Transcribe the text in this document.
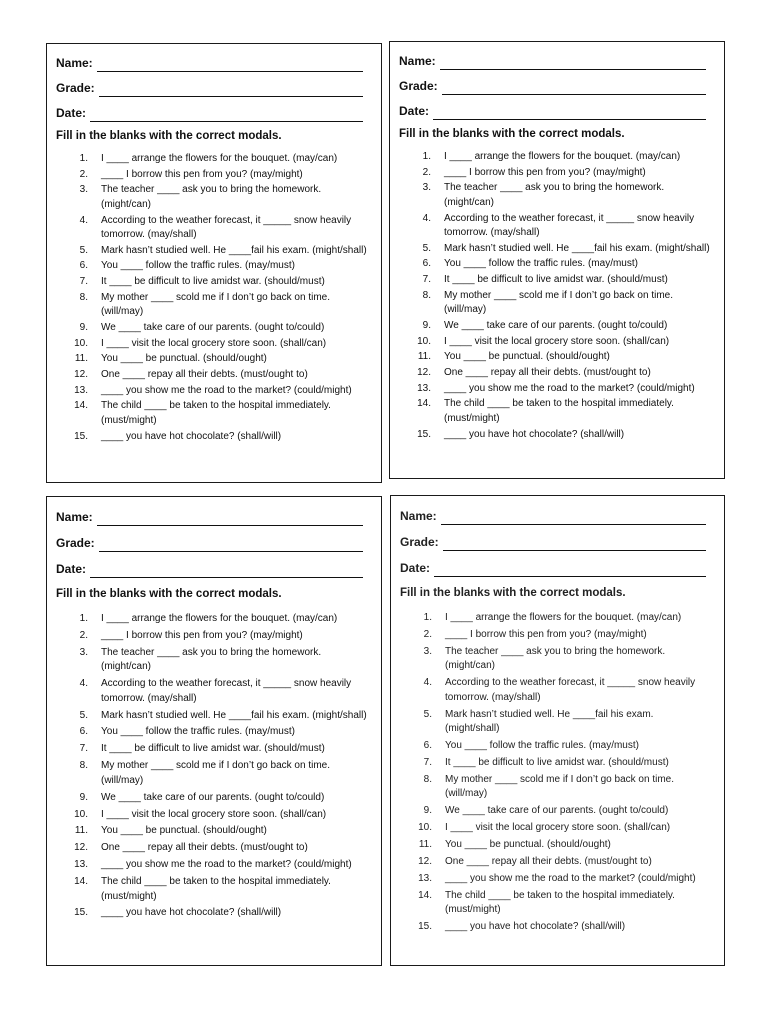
Name:
Grade:
Date:
Fill in the blanks with the correct modals.
1.	I ____ arrange the flowers for the bouquet. (may/can)
2.	____ I borrow this pen from you? (may/might)
3.	The teacher ____ ask you to bring the homework. (might/can)
4.	According to the weather forecast, it _____ snow heavily tomorrow. (may/shall)
5.	Mark hasn’t studied well. He ____fail his exam. (might/shall)
6.	You ____ follow the traffic rules. (may/must)
7.	It ____ be difficult to live amidst war. (should/must)
8.	My mother ____ scold me if I don’t go back on time. (will/may)
9.	We ____ take care of our parents. (ought to/could)
10.	I ____ visit the local grocery store soon. (shall/can)
11.	You ____ be punctual. (should/ought)
12.	One ____ repay all their debts. (must/ought to)
13.	____ you show me the road to the market? (could/might)
14.	The child ____ be taken to the hospital immediately. (must/might)
15.	____ you have hot chocolate? (shall/will)
Name:
Grade:
Date:
Fill in the blanks with the correct modals.
1.	I ____ arrange the flowers for the bouquet. (may/can)
2.	____ I borrow this pen from you? (may/might)
3.	The teacher ____ ask you to bring the homework. (might/can)
4.	According to the weather forecast, it _____ snow heavily tomorrow. (may/shall)
5.	Mark hasn’t studied well. He ____fail his exam. (might/shall)
6.	You ____ follow the traffic rules. (may/must)
7.	It ____ be difficult to live amidst war. (should/must)
8.	My mother ____ scold me if I don’t go back on time. (will/may)
9.	We ____ take care of our parents. (ought to/could)
10.	I ____ visit the local grocery store soon. (shall/can)
11.	You ____ be punctual. (should/ought)
12.	One ____ repay all their debts. (must/ought to)
13.	____ you show me the road to the market? (could/might)
14.	The child ____ be taken to the hospital immediately. (must/might)
15.	____ you have hot chocolate? (shall/will)
Name:
Grade:
Date:
Fill in the blanks with the correct modals.
1.	I ____ arrange the flowers for the bouquet. (may/can)
2.	____ I borrow this pen from you? (may/might)
3.	The teacher ____ ask you to bring the homework. (might/can)
4.	According to the weather forecast, it _____ snow heavily tomorrow. (may/shall)
5.	Mark hasn’t studied well. He ____fail his exam. (might/shall)
6.	You ____ follow the traffic rules. (may/must)
7.	It ____ be difficult to live amidst war. (should/must)
8.	My mother ____ scold me if I don’t go back on time. (will/may)
9.	We ____ take care of our parents. (ought to/could)
10.	I ____ visit the local grocery store soon. (shall/can)
11.	You ____ be punctual. (should/ought)
12.	One ____ repay all their debts. (must/ought to)
13.	____ you show me the road to the market? (could/might)
14.	The child ____ be taken to the hospital immediately. (must/might)
15.	____ you have hot chocolate? (shall/will)
Name:
Grade:
Date:
Fill in the blanks with the correct modals.
1.	I ____ arrange the flowers for the bouquet. (may/can)
2.	____ I borrow this pen from you? (may/might)
3.	The teacher ____ ask you to bring the homework. (might/can)
4.	According to the weather forecast, it _____ snow heavily tomorrow. (may/shall)
5.	Mark hasn’t studied well. He ____fail his exam. (might/shall)
6.	You ____ follow the traffic rules. (may/must)
7.	It ____ be difficult to live amidst war. (should/must)
8.	My mother ____ scold me if I don’t go back on time. (will/may)
9.	We ____ take care of our parents. (ought to/could)
10.	I ____ visit the local grocery store soon. (shall/can)
11.	You ____ be punctual. (should/ought)
12.	One ____ repay all their debts. (must/ought to)
13.	____ you show me the road to the market? (could/might)
14.	The child ____ be taken to the hospital immediately. (must/might)
15.	____ you have hot chocolate? (shall/will)
